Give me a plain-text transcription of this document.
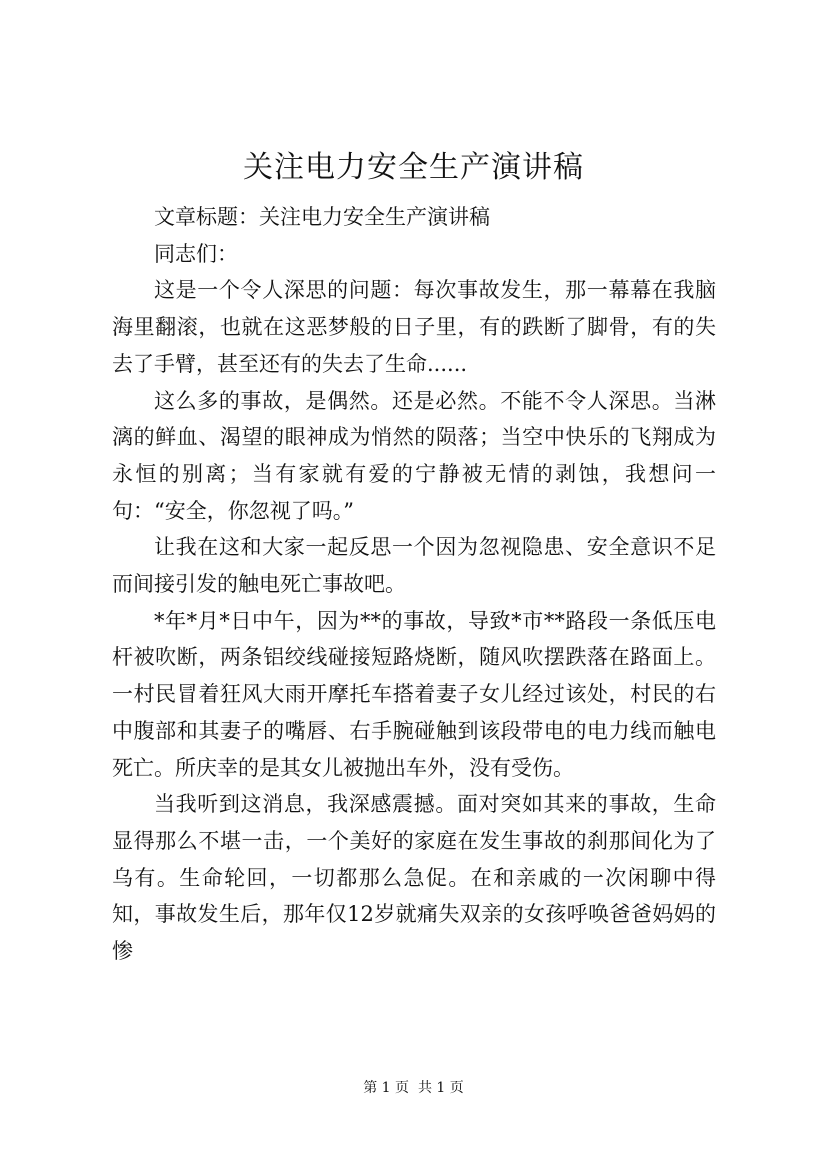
关注电力安全生产演讲稿

文章标题：关注电力安全生产演讲稿

同志们：

这是一个令人深思的问题：每次事故发生，那一幕幕在我脑海里翻滚，也就在这恶梦般的日子里，有的跌断了脚骨，有的失去了手臂，甚至还有的失去了生命......

这么多的事故，是偶然。还是必然。不能不令人深思。当淋漓的鲜血、渴望的眼神成为悄然的陨落；当空中快乐的飞翔成为永恒的别离；当有家就有爱的宁静被无情的剥蚀，我想问一句：“安全，你忽视了吗。”

让我在这和大家一起反思一个因为忽视隐患、安全意识不足而间接引发的触电死亡事故吧。

*年*月*日中午，因为**的事故，导致*市**路段一条低压电杆被吹断，两条铝绞线碰接短路烧断，随风吹摆跌落在路面上。一村民冒着狂风大雨开摩托车搭着妻子女儿经过该处，村民的右中腹部和其妻子的嘴唇、右手腕碰触到该段带电的电力线而触电死亡。所庆幸的是其女儿被抛出车外，没有受伤。

当我听到这消息，我深感震撼。面对突如其来的事故，生命显得那么不堪一击，一个美好的家庭在发生事故的刹那间化为了乌有。生命轮回，一切都那么急促。在和亲戚的一次闲聊中得知，事故发生后，那年仅12岁就痛失双亲的女孩呼唤爸爸妈妈的惨

第 1 页  共 1 页
